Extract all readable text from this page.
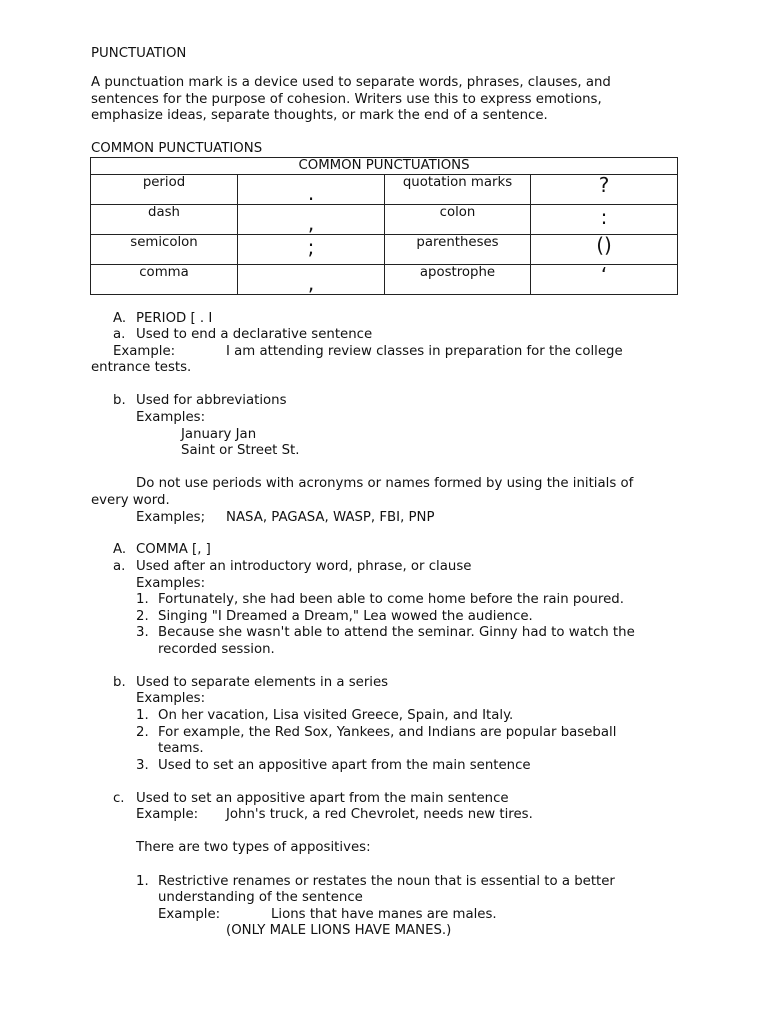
PUNCTUATION
A punctuation mark is a device used to separate words, phrases, clauses, and
sentences for the purpose of cohesion. Writers use this to express emotions,
emphasize ideas, separate thoughts, or mark the end of a sentence.
COMMON PUNCTUATIONS
COMMON PUNCTUATIONS			
period	.	quotation marks	?

dash	,	colon	:

semicolon	;	parentheses	()

comma	,	apostrophe	‘
A. PERIOD [ . I
a. Used to end a declarative sentence
Example:	I am attending review classes in preparation for the college
entrance tests.
b. Used for abbreviations
Examples:
January Jan
Saint or Street St.
Do not use periods with acronyms or names formed by using the initials of
every word.
Examples; NASA, PAGASA, WASP, FBI, PNP
A. COMMA [, ]
a. Used after an introductory word, phrase, or clause
Examples:
1. Fortunately, she had been able to come home before the rain poured.
2. Singing "I Dreamed a Dream," Lea wowed the audience.
3. Because she wasn't able to attend the seminar. Ginny had to watch the
recorded session.
b. Used to separate elements in a series
Examples:
1. On her vacation, Lisa visited Greece, Spain, and Italy.
2. For example, the Red Sox, Yankees, and Indians are popular baseball
teams.
3. Used to set an appositive apart from the main sentence
c. Used to set an appositive apart from the main sentence
Example: John's truck, a red Chevrolet, needs new tires.
There are two types of appositives:
1. Restrictive renames or restates the noun that is essential to a better
understanding of the sentence
Example:	Lions that have manes are males.
(ONLY MALE LIONS HAVE MANES.)
